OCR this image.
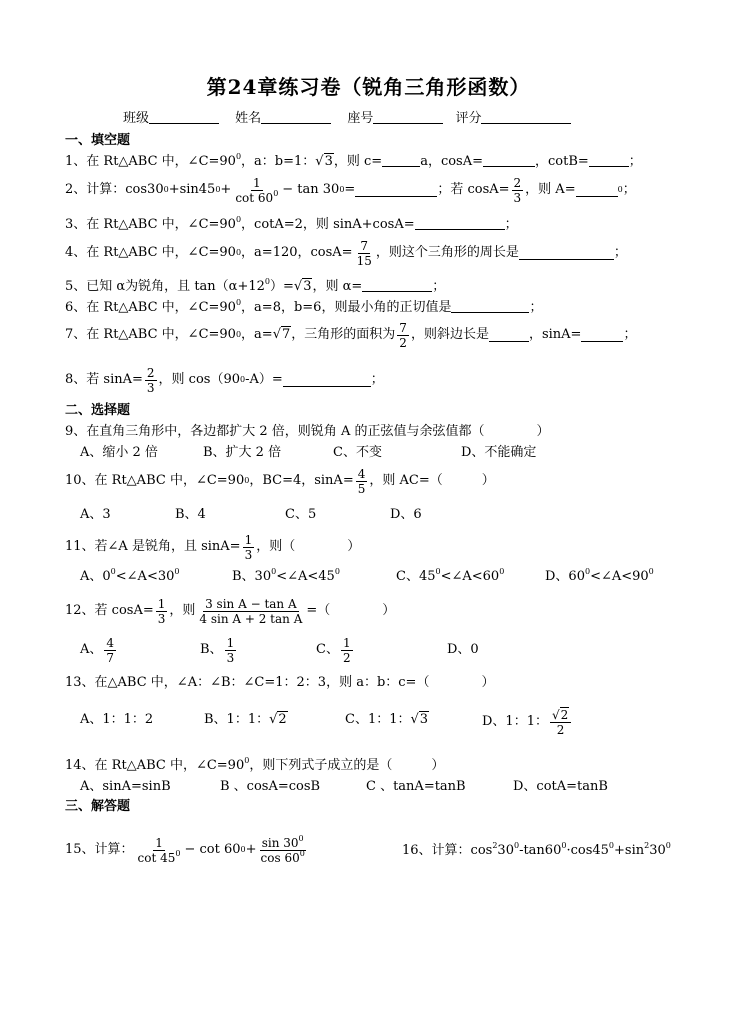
第24章练习卷（锐角三角形函数）
班级	姓名	座号	评分
一、填空题
1、在 Rt△ABC 中，$\angle C=90^0$，a：b=1：√ 3，则 c=	a，cosA=	，cotB=	；
2、计算：cos30 0 +sin45 $0 + \frac{1}{\cot 60^0} - \tan 30$ 0 =	；若 $\cos A= \frac{2}{3}$ ，则 A=	0 ；
3、在 Rt△ABC 中，$\angle C=90^0$，cotA=2，则 sinA+cosA=	；
4、在 Rt△ABC 中，∠C=90 0 ，a=120，$\cos A= \frac{7}{15}$ ，则这个三角形的周长是	；
5、已知 α为锐角，且 $\tan(\alpha+12^0)=√$ 3，则 α=	；
6、在 Rt△ABC 中，$\angle C=90^0$，a=8，b=6，则最小角的正切值是	；
7、在 Rt△ABC 中，∠C=90 0 ，a=
√ 7 ，三角形的面积为 $\frac{7}{2}$ ，则斜边长是	，sinA=	；
8、若 $\sin A= \frac{2}{3}$ ，则 cos（90 0 -A）=	；
二、选择题
9、在直角三角形中，各边都扩大 2 倍，则锐角 A 的正弦值与余弦值都（　　　　）
A、缩小 2 倍	B、扩大 2 倍	C、不变	D、不能确定
10、在 Rt△ABC 中，∠C=90 0 ，BC=4，$\sin A= \frac{4}{5}$ ，则 AC=（　　　）
A、3	B、4	C、5	D、6
11、若∠A 是锐角，且 $\sin A= \frac{1}{3}$ ，则（　　　　）
A、$0^0<\angle A<30^0$	B、$30^0<\angle A<45^0$	C、$45^0<\angle A<60^0$	D、$60^0<\angle A<90^0$
12、若 $\cos A= \frac{1}{3}$ ，则 $\frac{\text{3 sin A − tan A}}{\text{4 sin A + 2 tan A}}$ =（　　　　）
A、 $\frac{4}{7}$	B、 $\frac{1}{3}$	C、 $\frac{1}{2}$	D、0
13、在△ABC 中，∠A：∠B：∠C=1：2：3，则 a：b：c=（　　　　）
A、1：1：2	B、1：1：√ 2	C、1：1：√ 3	D、1：1：
√ $\frac{2}{2}$
14、在 Rt△ABC 中，$\angle C=90^0$，则下列式子成立的是（　　　）
A、sinA=sinB	B 、cosA=cosB	C 、tanA=tanB	D、cotA=tanB
三、解答题
15、计算： $\frac{1}{\cot 45^0} - \cot 60$ $0 + \frac{\sin 30^0}{\cos 60^0}$	16、计算：$\cos^230^0-\tan 60^0\cdot\cos 45^0+\sin^230^0$
